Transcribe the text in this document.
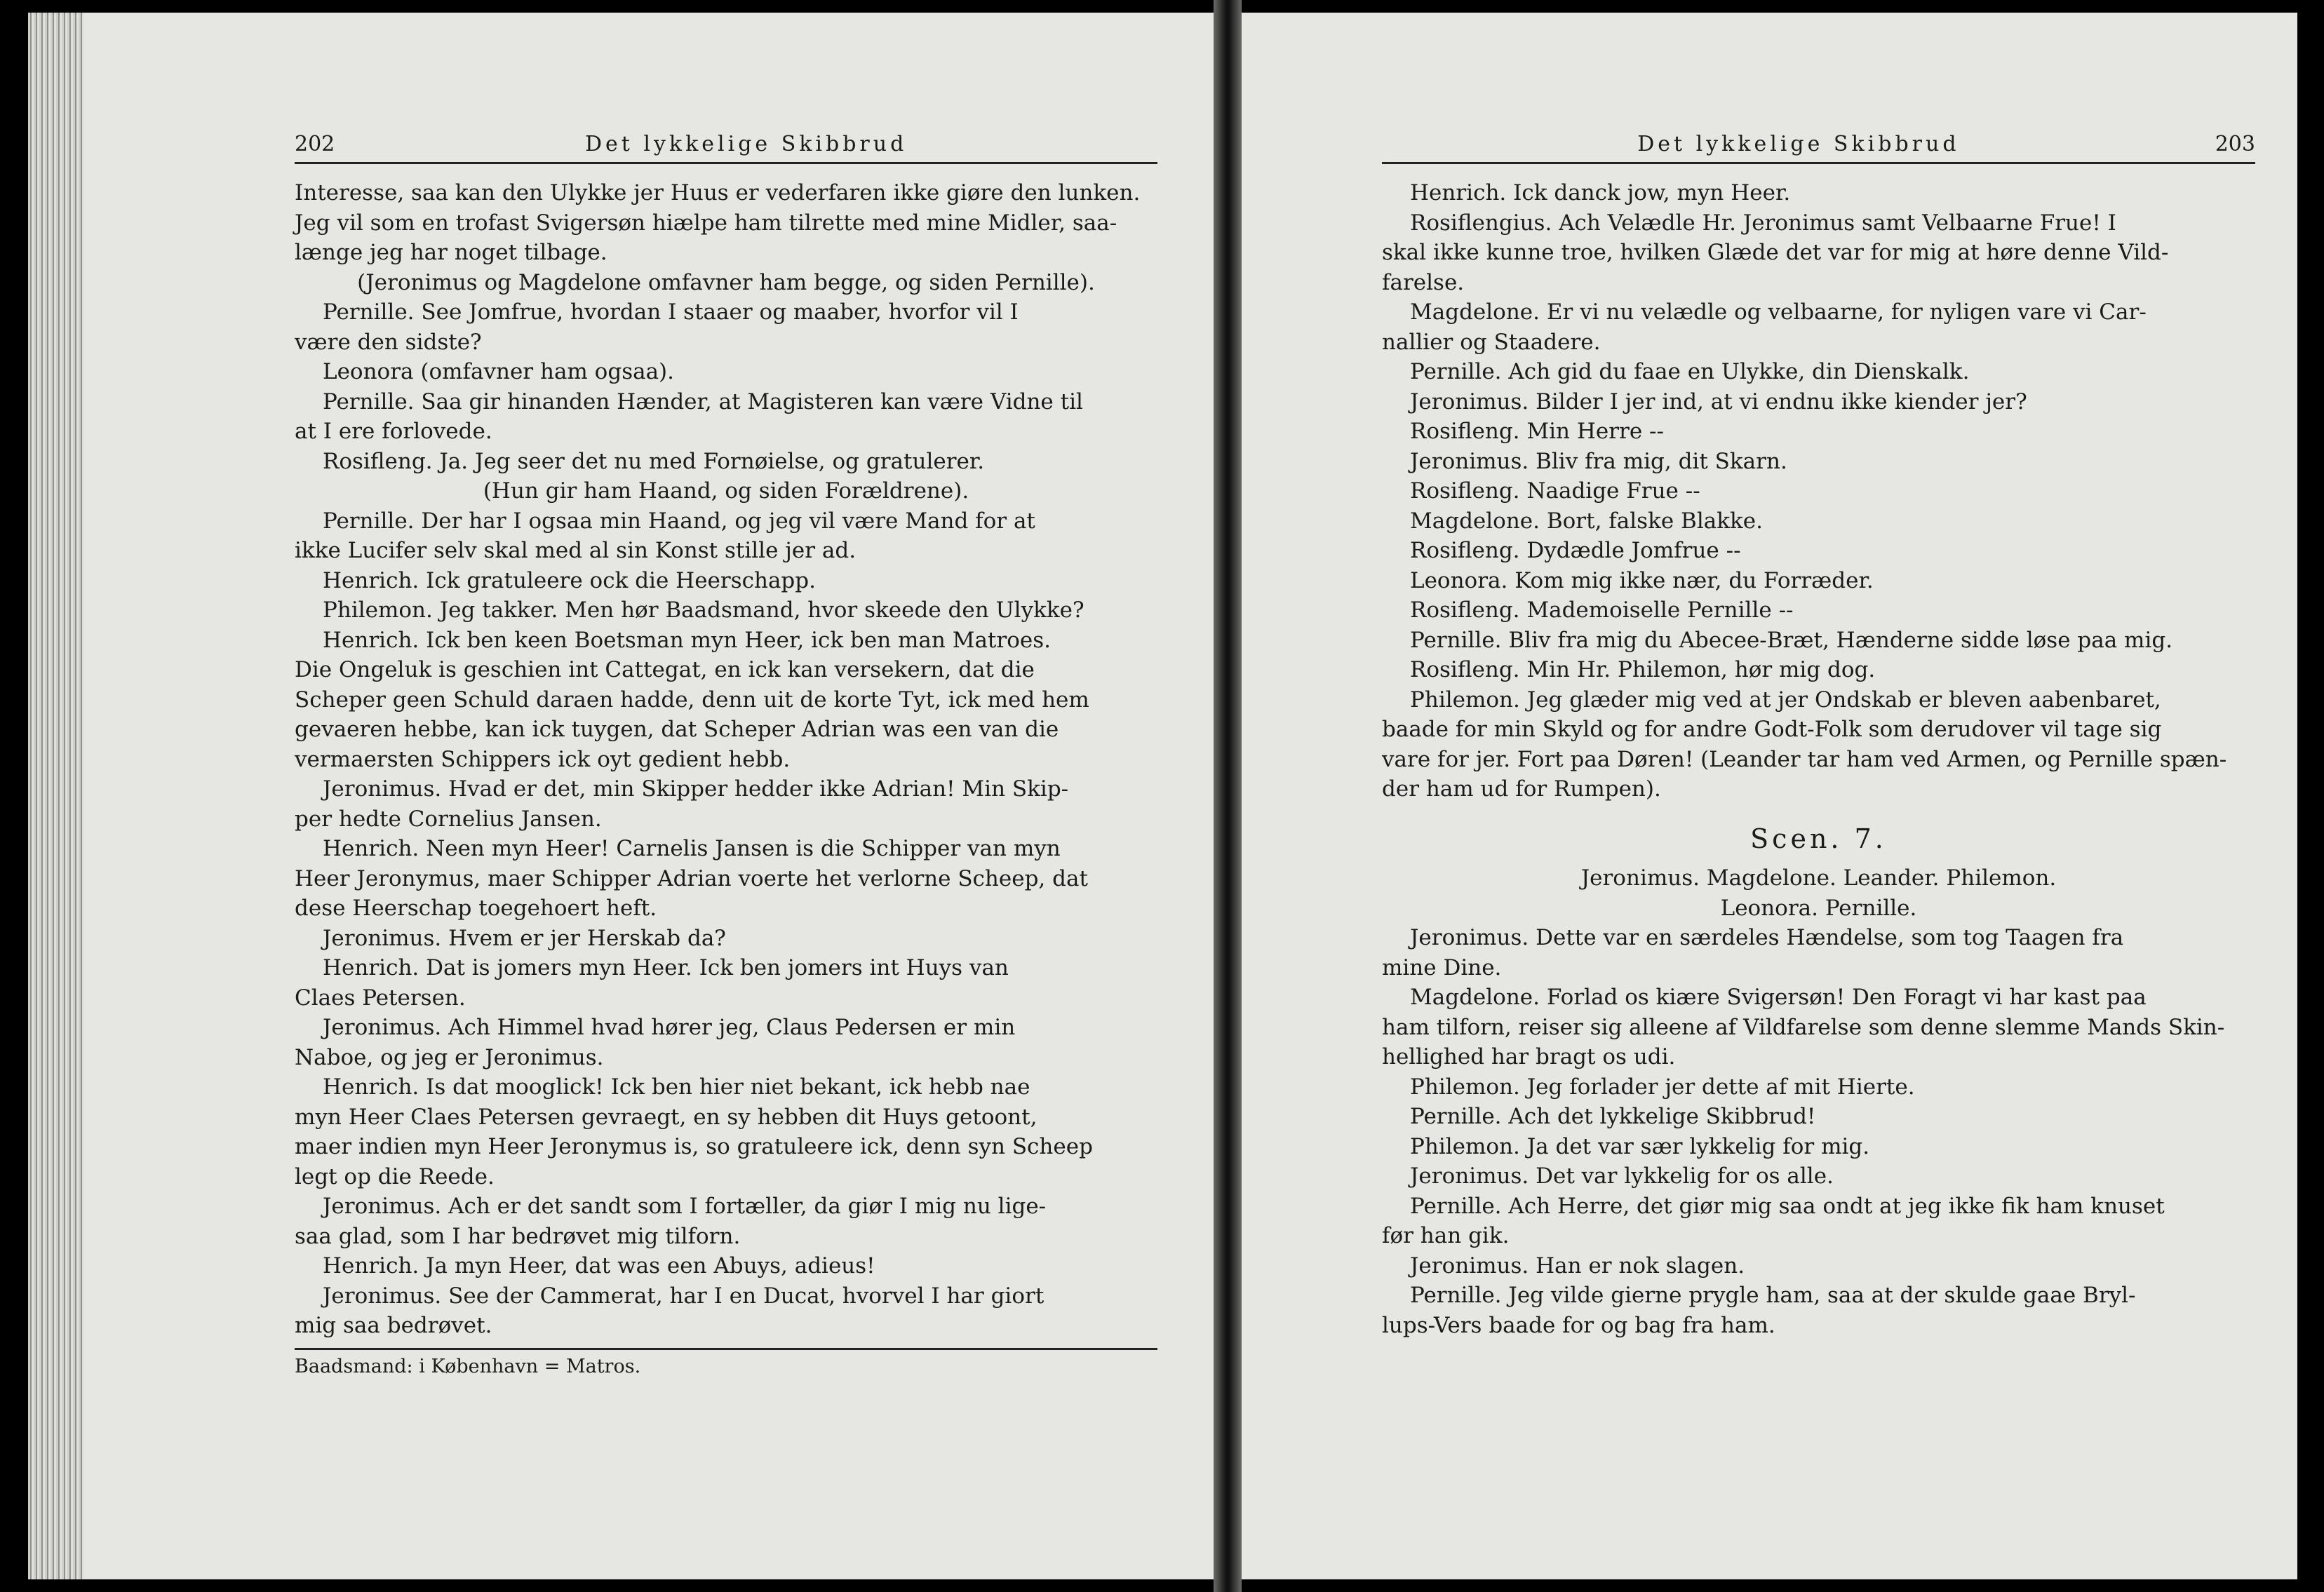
202	Det lykkelige Skibbrud

Interesse, saa kan den Ulykke jer Huus er vederfaren ikke giøre den lunken.

Jeg vil som en trofast Svigersøn hiælpe ham tilrette med mine Midler, saa-

længe jeg har noget tilbage.

(Jeronimus og Magdelone omfavner ham begge, og siden Pernille).

Pernille. See Jomfrue, hvordan I staaer og maaber, hvorfor vil I

være den sidste?

Leonora (omfavner ham ogsaa).

Pernille. Saa gir hinanden Hænder, at Magisteren kan være Vidne til

at I ere forlovede.

Rosifleng. Ja. Jeg seer det nu med Fornøielse, og gratulerer.

(Hun gir ham Haand, og siden Forældrene).

Pernille. Der har I ogsaa min Haand, og jeg vil være Mand for at

ikke Lucifer selv skal med al sin Konst stille jer ad.

Henrich. Ick gratuleere ock die Heerschapp.

Philemon. Jeg takker. Men hør Baadsmand, hvor skeede den Ulykke?

Henrich. Ick ben keen Boetsman myn Heer, ick ben man Matroes.

Die Ongeluk is geschien int Cattegat, en ick kan versekern, dat die

Scheper geen Schuld daraen hadde, denn uit de korte Tyt, ick med hem

gevaeren hebbe, kan ick tuygen, dat Scheper Adrian was een van die

vermaersten Schippers ick oyt gedient hebb.

Jeronimus. Hvad er det, min Skipper hedder ikke Adrian! Min Skip-

per hedte Cornelius Jansen.

Henrich. Neen myn Heer! Carnelis Jansen is die Schipper van myn

Heer Jeronymus, maer Schipper Adrian voerte het verlorne Scheep, dat

dese Heerschap toegehoert heft.

Jeronimus. Hvem er jer Herskab da?

Henrich. Dat is jomers myn Heer. Ick ben jomers int Huys van

Claes Petersen.

Jeronimus. Ach Himmel hvad hører jeg, Claus Pedersen er min

Naboe, og jeg er Jeronimus.

Henrich. Is dat mooglick! Ick ben hier niet bekant, ick hebb nae

myn Heer Claes Petersen gevraegt, en sy hebben dit Huys getoont,

maer indien myn Heer Jeronymus is, so gratuleere ick, denn syn Scheep

legt op die Reede.

Jeronimus. Ach er det sandt som I fortæller, da giør I mig nu lige-

saa glad, som I har bedrøvet mig tilforn.

Henrich. Ja myn Heer, dat was een Abuys, adieus!

Jeronimus. See der Cammerat, har I en Ducat, hvorvel I har giort

mig saa bedrøvet.

Baadsmand: i København = Matros.
Det lykkelige Skibbrud	203

Henrich. Ick danck jow, myn Heer.

Rosiflengius. Ach Velædle Hr. Jeronimus samt Velbaarne Frue! I

skal ikke kunne troe, hvilken Glæde det var for mig at høre denne Vild-

farelse.

Magdelone. Er vi nu velædle og velbaarne, for nyligen vare vi Car-

nallier og Staadere.

Pernille. Ach gid du faae en Ulykke, din Dienskalk.

Jeronimus. Bilder I jer ind, at vi endnu ikke kiender jer?

Rosifleng. Min Herre --

Jeronimus. Bliv fra mig, dit Skarn.

Rosifleng. Naadige Frue --

Magdelone. Bort, falske Blakke.

Rosifleng. Dydædle Jomfrue --

Leonora. Kom mig ikke nær, du Forræder.

Rosifleng. Mademoiselle Pernille --

Pernille. Bliv fra mig du Abecee-Bræt, Hænderne sidde løse paa mig.

Rosifleng. Min Hr. Philemon, hør mig dog.

Philemon. Jeg glæder mig ved at jer Ondskab er bleven aabenbaret,

baade for min Skyld og for andre Godt-Folk som derudover vil tage sig

vare for jer. Fort paa Døren! (Leander tar ham ved Armen, og Pernille spæn-

der ham ud for Rumpen).

Scen. 7.

Jeronimus. Magdelone. Leander. Philemon.

Leonora. Pernille.

Jeronimus. Dette var en særdeles Hændelse, som tog Taagen fra

mine Dine.

Magdelone. Forlad os kiære Svigersøn! Den Foragt vi har kast paa

ham tilforn, reiser sig alleene af Vildfarelse som denne slemme Mands Skin-

hellighed har bragt os udi.

Philemon. Jeg forlader jer dette af mit Hierte.

Pernille. Ach det lykkelige Skibbrud!

Philemon. Ja det var sær lykkelig for mig.

Jeronimus. Det var lykkelig for os alle.

Pernille. Ach Herre, det giør mig saa ondt at jeg ikke fik ham knuset

før han gik.

Jeronimus. Han er nok slagen.

Pernille. Jeg vilde gierne prygle ham, saa at der skulde gaae Bryl-

lups-Vers baade for og bag fra ham.
